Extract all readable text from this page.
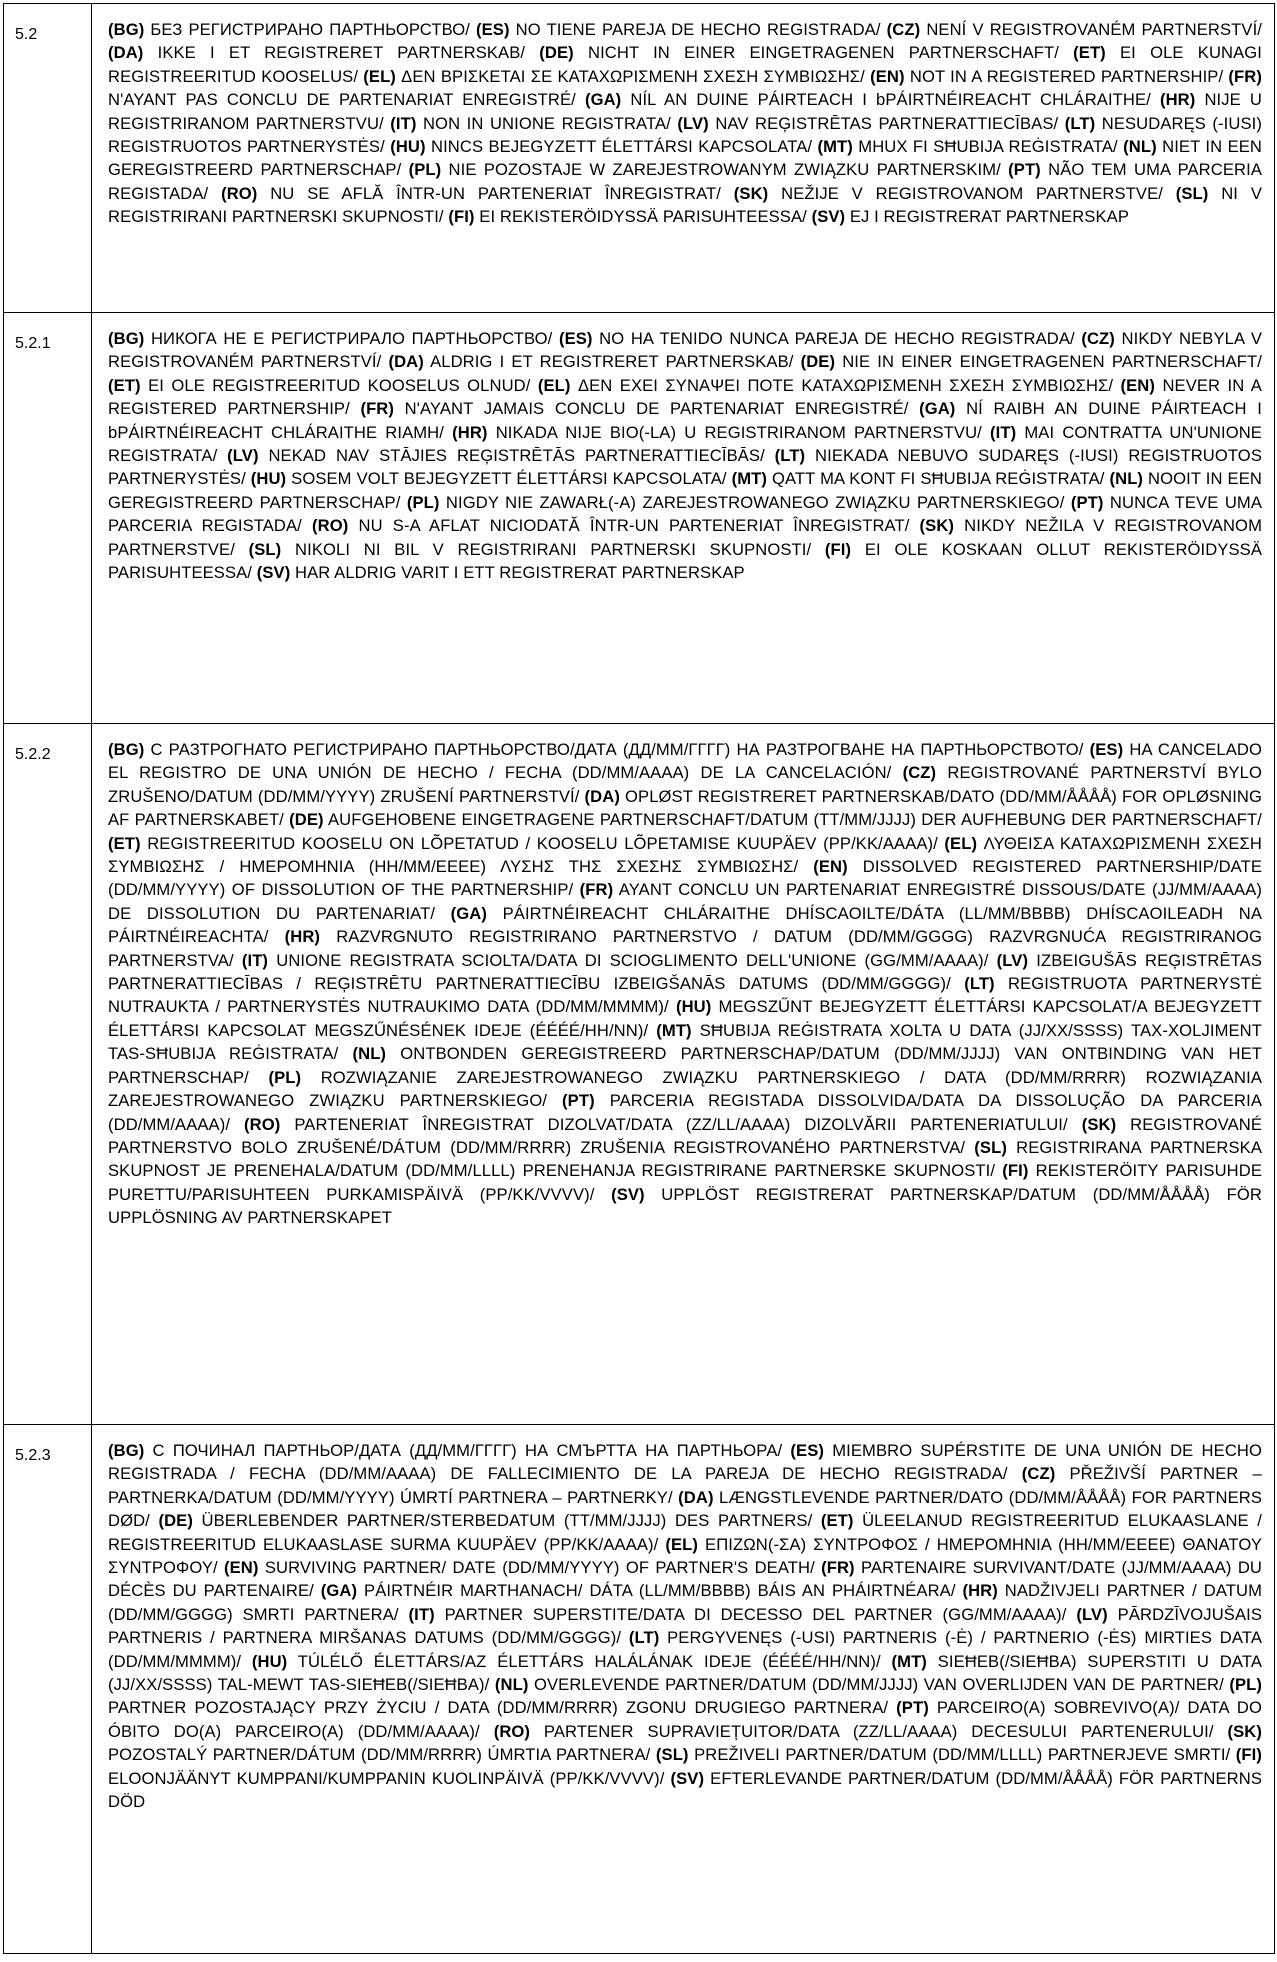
5.2	(BG) БЕЗ РЕГИСТРИРАНО ПАРТНЬОРСТВО/ (ES) NO TIENE PAREJA DE HECHO REGISTRADA/ (CZ) NENÍ V REGISTROVANÉM PARTNERSTVÍ/ (DA) IKKE I ET REGISTRERET PARTNERSKAB/ (DE) NICHT IN EINER EINGETRAGENEN PARTNERSCHAFT/ (ET) EI OLE KUNAGI REGISTREERITUD KOOSELUS/ (EL) ΔΕΝ ΒΡΙΣΚΕΤΑΙ ΣΕ ΚΑΤΑΧΩΡΙΣΜΕΝΗ ΣΧΕΣΗ ΣΥΜΒΙΩΣΗΣ/ (EN) NOT IN A REGISTERED PARTNERSHIP/ (FR) N'AYANT PAS CONCLU DE PARTENARIAT ENREGISTRÉ/ (GA) NÍL AN DUINE PÁIRTEACH I bPÁIRTNÉIREACHT CHLÁRAITHE/ (HR) NIJE U REGISTRIRANOM PARTNERSTVU/ (IT) NON IN UNIONE REGISTRATA/ (LV) NAV REĢISTRĒTAS PARTNERATTIECĪBAS/ (LT) NESUDARĘS (-IUSI) REGISTRUOTOS PARTNERYSTĖS/ (HU) NINCS BEJEGYZETT ÉLETTÁRSI KAPCSOLATA/ (MT) MHUX FI SĦUBIJA REĠISTRATA/ (NL) NIET IN EEN GEREGISTREERD PARTNERSCHAP/ (PL) NIE POZOSTAJE W ZAREJESTROWANYM ZWIĄZKU PARTNERSKIM/ (PT) NÃO TEM UMA PARCERIA REGISTADA/ (RO) NU SE AFLĂ ÎNTR-UN PARTENERIAT ÎNREGISTRAT/ (SK) NEŽIJE V REGISTROVANOM PARTNERSTVE/ (SL) NI V REGISTRIRANI PARTNERSKI SKUPNOSTI/ (FI) EI REKISTERÖIDYSSÄ PARISUHTEESSA/ (SV) EJ I REGISTRERAT PARTNERSKAP

5.2.1	(BG) НИКОГА НЕ Е РЕГИСТРИРАЛО ПАРТНЬОРСТВО/ (ES) NO HA TENIDO NUNCA PAREJA DE HECHO REGISTRADA/ (CZ) NIKDY NEBYLA V REGISTROVANÉM PARTNERSTVÍ/ (DA) ALDRIG I ET REGISTRERET PARTNERSKAB/ (DE) NIE IN EINER EINGETRAGENEN PARTNERSCHAFT/ (ET) EI OLE REGISTREERITUD KOOSELUS OLNUD/ (EL) ΔΕΝ ΕΧΕΙ ΣΥΝΑΨΕΙ ΠΟΤΕ ΚΑΤΑΧΩΡΙΣΜΕΝΗ ΣΧΕΣΗ ΣΥΜΒΙΩΣΗΣ/ (EN) NEVER IN A REGISTERED PARTNERSHIP/ (FR) N'AYANT JAMAIS CONCLU DE PARTENARIAT ENREGISTRÉ/ (GA) NÍ RAIBH AN DUINE PÁIRTEACH I bPÁIRTNÉIREACHT CHLÁRAITHE RIAMH/ (HR) NIKADA NIJE BIO(-LA) U REGISTRIRANOM PARTNERSTVU/ (IT) MAI CONTRATTA UN'UNIONE REGISTRATA/ (LV) NEKAD NAV STĀJIES REĢISTRĒTĀS PARTNERATTIECĪBĀS/ (LT) NIEKADA NEBUVO SUDARĘS (-IUSI) REGISTRUOTOS PARTNERYSTĖS/ (HU) SOSEM VOLT BEJEGYZETT ÉLETTÁRSI KAPCSOLATA/ (MT) QATT MA KONT FI SĦUBIJA REĠISTRATA/ (NL) NOOIT IN EEN GEREGISTREERD PARTNERSCHAP/ (PL) NIGDY NIE ZAWARŁ(-A) ZAREJESTROWANEGO ZWIĄZKU PARTNERSKIEGO/ (PT) NUNCA TEVE UMA PARCERIA REGISTADA/ (RO) NU S-A AFLAT NICIODATĂ ÎNTR-UN PARTENERIAT ÎNREGISTRAT/ (SK) NIKDY NEŽILA V REGISTROVANOM PARTNERSTVE/ (SL) NIKOLI NI BIL V REGISTRIRANI PARTNERSKI SKUPNOSTI/ (FI) EI OLE KOSKAAN OLLUT REKISTERÖIDYSSÄ PARISUHTEESSA/ (SV) HAR ALDRIG VARIT I ETT REGISTRERAT PARTNERSKAP

5.2.2	(BG) С РАЗТРОГНАТО РЕГИСТРИРАНО ПАРТНЬОРСТВО/ДАТА (ДД/ММ/ГГГГ) НА РАЗТРОГВАНЕ НА ПАРТНЬОРСТВОТО/ (ES) HA CANCELADO EL REGISTRO DE UNA UNIÓN DE HECHO / FECHA (DD/MM/AAAA) DE LA CANCELACIÓN/ (CZ) REGISTROVANÉ PARTNERSTVÍ BYLO ZRUŠENO/DATUM (DD/MM/YYYY) ZRUŠENÍ PARTNERSTVÍ/ (DA) OPLØST REGISTRERET PARTNERSKAB/DATO (DD/MM/ÅÅÅÅ) FOR OPLØSNING AF PARTNERSKABET/ (DE) AUFGEHOBENE EINGETRAGENE PARTNERSCHAFT/DATUM (TT/MM/JJJJ) DER AUFHEBUNG DER PARTNERSCHAFT/ (ET) REGISTREERITUD KOOSELU ON LÕPETATUD / KOOSELU LÕPETAMISE KUUPÄEV (PP/KK/AAAA)/ (EL) ΛΥΘΕΙΣΑ ΚΑΤΑΧΩΡΙΣΜΕΝΗ ΣΧΕΣΗ ΣΥΜΒΙΩΣΗΣ / ΗΜΕΡΟΜΗΝΙΑ (ΗΗ/ΜΜ/ΕΕΕΕ) ΛΥΣΗΣ ΤΗΣ ΣΧΕΣΗΣ ΣΥΜΒΙΩΣΗΣ/ (EN) DISSOLVED REGISTERED PARTNERSHIP/DATE (DD/MM/YYYY) OF DISSOLUTION OF THE PARTNERSHIP/ (FR) AYANT CONCLU UN PARTENARIAT ENREGISTRÉ DISSOUS/DATE (JJ/MM/AAAA) DE DISSOLUTION DU PARTENARIAT/ (GA) PÁIRTNÉIREACHT CHLÁRAITHE DHÍSCAOILTE/DÁTA (LL/MM/BBBB) DHÍSCAOILEADH NA PÁIRTNÉIREACHTA/ (HR) RAZVRGNUTO REGISTRIRANO PARTNERSTVO / DATUM (DD/MM/GGGG) RAZVRGNUĆA REGISTRIRANOG PARTNERSTVA/ (IT) UNIONE REGISTRATA SCIOLTA/DATA DI SCIOGLIMENTO DELL'UNIONE (GG/MM/AAAA)/ (LV) IZBEIGUŠĀS REĢISTRĒTAS PARTNERATTIECĪBAS / REĢISTRĒTU PARTNERATTIECĪBU IZBEIGŠANĀS DATUMS (DD/MM/GGGG)/ (LT) REGISTRUOTA PARTNERYSTĖ NUTRAUKTA / PARTNERYSTĖS NUTRAUKIMO DATA (DD/MM/MMMM)/ (HU) MEGSZŰNT BEJEGYZETT ÉLETTÁRSI KAPCSOLAT/A BEJEGYZETT ÉLETTÁRSI KAPCSOLAT MEGSZŰNÉSÉNEK IDEJE (ÉÉÉÉ/HH/NN)/ (MT) SĦUBIJA REĠISTRATA XOLTA U DATA (JJ/XX/SSSS) TAX-XOLJIMENT TAS-SĦUBIJA REĠISTRATA/ (NL) ONTBONDEN GEREGISTREERD PARTNERSCHAP/DATUM (DD/MM/JJJJ) VAN ONTBINDING VAN HET PARTNERSCHAP/ (PL) ROZWIĄZANIE ZAREJESTROWANEGO ZWIĄZKU PARTNERSKIEGO / DATA (DD/MM/RRRR) ROZWIĄZANIA ZAREJESTROWANEGO ZWIĄZKU PARTNERSKIEGO/ (PT) PARCERIA REGISTADA DISSOLVIDA/DATA DA DISSOLUÇÃO DA PARCERIA (DD/MM/AAAA)/ (RO) PARTENERIAT ÎNREGISTRAT DIZOLVAT/DATA (ZZ/LL/AAAA) DIZOLVĂRII PARTENERIATULUI/ (SK) REGISTROVANÉ PARTNERSTVO BOLO ZRUŠENÉ/DÁTUM (DD/MM/RRRR) ZRUŠENIA REGISTROVANÉHO PARTNERSTVA/ (SL) REGISTRIRANA PARTNERSKA SKUPNOST JE PRENEHALA/DATUM (DD/MM/LLLL) PRENEHANJA REGISTRIRANE PARTNERSKE SKUPNOSTI/ (FI) REKISTERÖITY PARISUHDE PURETTU/PARISUHTEEN PURKAMISPÄIVÄ (PP/KK/VVVV)/ (SV) UPPLÖST REGISTRERAT PARTNERSKAP/DATUM (DD/MM/ÅÅÅÅ) FÖR UPPLÖSNING AV PARTNERSKAPET

5.2.3	(BG) С ПОЧИНАЛ ПАРТНЬОР/ДАТА (ДД/ММ/ГГГГ) НА СМЪРТТА НА ПАРТНЬОРА/ (ES) MIEMBRO SUPÉRSTITE DE UNA UNIÓN DE HECHO REGISTRADA / FECHA (DD/MM/AAAA) DE FALLECIMIENTO DE LA PAREJA DE HECHO REGISTRADA/ (CZ) PŘEŽIVŠÍ PARTNER – PARTNERKA/DATUM (DD/MM/YYYY) ÚMRTÍ PARTNERA – PARTNERKY/ (DA) LÆNGSTLEVENDE PARTNER/DATO (DD/MM/ÅÅÅÅ) FOR PARTNERS DØD/ (DE) ÜBERLEBENDER PARTNER/STERBEDATUM (TT/MM/JJJJ) DES PARTNERS/ (ET) ÜLEELANUD REGISTREERITUD ELUKAASLANE / REGISTREERITUD ELUKAASLASE SURMA KUUPÄEV (PP/KK/AAAA)/ (EL) ΕΠΙΖΩΝ(-ΣΑ) ΣΥΝΤΡΟΦΟΣ / ΗΜΕΡΟΜΗΝΙΑ (ΗΗ/ΜΜ/ΕΕΕΕ) ΘΑΝΑΤΟΥ ΣΥΝΤΡΟΦΟΥ/ (EN) SURVIVING PARTNER/ DATE (DD/MM/YYYY) OF PARTNER'S DEATH/ (FR) PARTENAIRE SURVIVANT/DATE (JJ/MM/AAAA) DU DÉCÈS DU PARTENAIRE/ (GA) PÁIRTNÉIR MARTHANACH/ DÁTA (LL/MM/BBBB) BÁIS AN PHÁIRTNÉARA/ (HR) NADŽIVJELI PARTNER / DATUM (DD/MM/GGGG) SMRTI PARTNERA/ (IT) PARTNER SUPERSTITE/DATA DI DECESSO DEL PARTNER (GG/MM/AAAA)/ (LV) PĀRDZĪVOJUŠAIS PARTNERIS / PARTNERA MIRŠANAS DATUMS (DD/MM/GGGG)/ (LT) PERGYVENĘS (-USI) PARTNERIS (-Ė) / PARTNERIO (-ĖS) MIRTIES DATA (DD/MM/MMMM)/ (HU) TÚLÉLŐ ÉLETTÁRS/AZ ÉLETTÁRS HALÁLÁNAK IDEJE (ÉÉÉÉ/HH/NN)/ (MT) SIEĦEB(/SIEĦBA) SUPERSTITI U DATA (JJ/XX/SSSS) TAL-MEWT TAS-SIEĦEB(/SIEĦBA)/ (NL) OVERLEVENDE PARTNER/DATUM (DD/MM/JJJJ) VAN OVERLIJDEN VAN DE PARTNER/ (PL) PARTNER POZOSTAJĄCY PRZY ŻYCIU / DATA (DD/MM/RRRR) ZGONU DRUGIEGO PARTNERA/ (PT) PARCEIRO(A) SOBREVIVO(A)/ DATA DO ÓBITO DO(A) PARCEIRO(A) (DD/MM/AAAA)/ (RO) PARTENER SUPRAVIEȚUITOR/DATA (ZZ/LL/AAAA) DECESULUI PARTENERULUI/ (SK) POZOSTALÝ PARTNER/DÁTUM (DD/MM/RRRR) ÚMRTIA PARTNERA/ (SL) PREŽIVELI PARTNER/DATUM (DD/MM/LLLL) PARTNERJEVE SMRTI/ (FI) ELOONJÄÄNYT KUMPPANI/KUMPPANIN KUOLINPÄIVÄ (PP/KK/VVVV)/ (SV) EFTERLEVANDE PARTNER/DATUM (DD/MM/ÅÅÅÅ) FÖR PARTNERNS DÖD
